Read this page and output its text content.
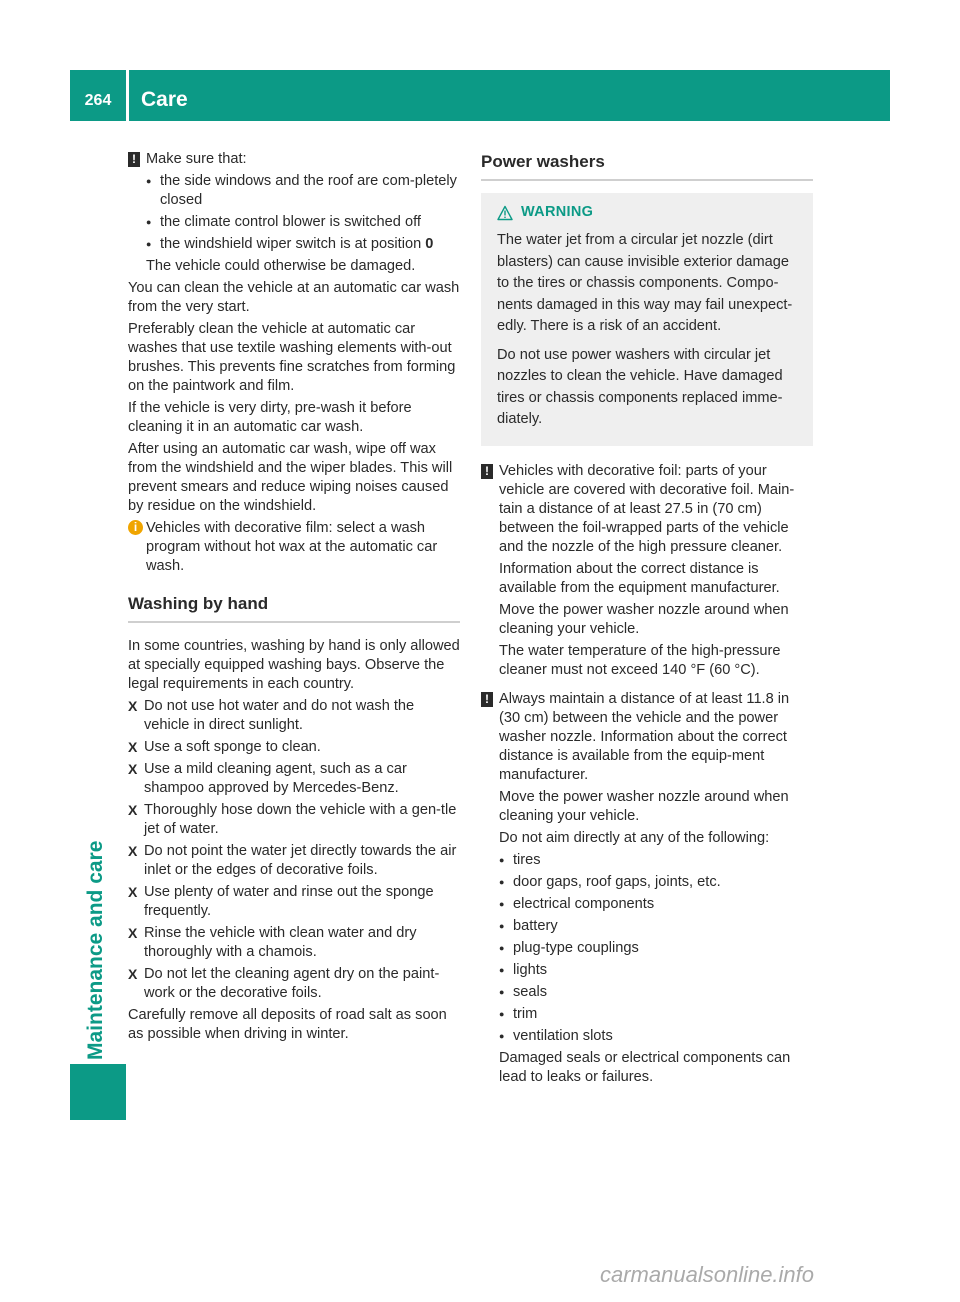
264	Care
Maintenance and care
! Make sure that:

● the side windows and the roof are com-pletely closed
● the climate control blower is switched off
● the windshield wiper switch is at position 0

The vehicle could otherwise be damaged.

You can clean the vehicle at an automatic car wash from the very start.

Preferably clean the vehicle at automatic car washes that use textile washing elements with-out brushes. This prevents fine scratches from forming on the paintwork and film.

If the vehicle is very dirty, pre-wash it before cleaning it in an automatic car wash.

After using an automatic car wash, wipe off wax from the windshield and the wiper blades. This will prevent smears and reduce wiping noises caused by residue on the windshield.

i Vehicles with decorative film: select a wash program without hot wax at the automatic car wash.

Washing by hand

In some countries, washing by hand is only allowed at specially equipped washing bays. Observe the legal requirements in each country.

X Do not use hot water and do not wash the vehicle in direct sunlight.
X Use a soft sponge to clean.
X Use a mild cleaning agent, such as a car shampoo approved by Mercedes-Benz.
X Thoroughly hose down the vehicle with a gen-tle jet of water.
X Do not point the water jet directly towards the air inlet or the edges of decorative foils.
X Use plenty of water and rinse out the sponge frequently.
X Rinse the vehicle with clean water and dry thoroughly with a chamois.
X Do not let the cleaning agent dry on the paint-work or the decorative foils.

Carefully remove all deposits of road salt as soon as possible when driving in winter.

Power washers
WARNING

The water jet from a circular jet nozzle (dirt blasters) can cause invisible exterior damage to the tires or chassis components. Compo-nents damaged in this way may fail unexpect-edly. There is a risk of an accident.

Do not use power washers with circular jet nozzles to clean the vehicle. Have damaged tires or chassis components replaced imme-diately.

! Vehicles with decorative foil: parts of your vehicle are covered with decorative foil. Main-tain a distance of at least 27.5 in (70 cm) between the foil-wrapped parts of the vehicle and the nozzle of the high pressure cleaner.

Information about the correct distance is available from the equipment manufacturer.

Move the power washer nozzle around when cleaning your vehicle.

The water temperature of the high-pressure cleaner must not exceed 140 °F (60 °C).

! Always maintain a distance of at least 11.8 in (30 cm) between the vehicle and the power washer nozzle. Information about the correct distance is available from the equip-ment manufacturer.

Move the power washer nozzle around when cleaning your vehicle.

Do not aim directly at any of the following:

● tires
● door gaps, roof gaps, joints, etc.
● electrical components
● battery
● plug-type couplings
● lights
● seals
● trim
● ventilation slots

Damaged seals or electrical components can lead to leaks or failures.

carmanualsonline.info
